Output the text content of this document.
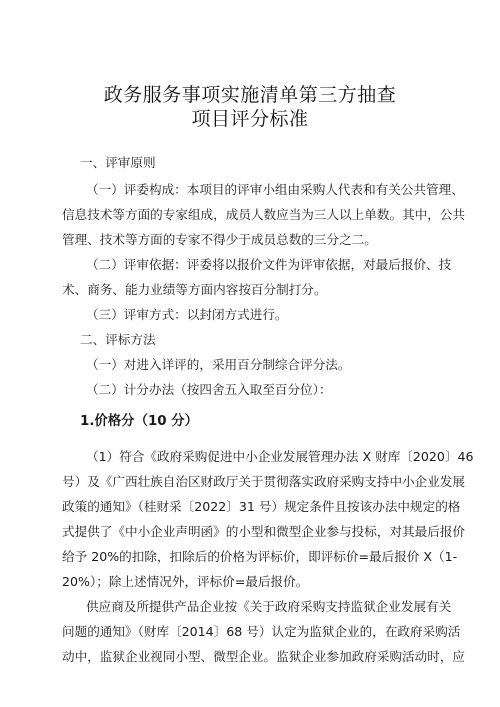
政务服务事项实施清单第三方抽查
项目评分标准
一、评审原则
（一）评委构成：本项目的评审小组由采购人代表和有关公共管理、
信息技术等方面的专家组成，成员人数应当为三人以上单数。其中，公共
管理、技术等方面的专家不得少于成员总数的三分之二。
（二）评审依据：评委将以报价文件为评审依据，对最后报价、技
术、商务、能力业绩等方面内容按百分制打分。
（三）评审方式：以封闭方式进行。
二、评标方法
（一）对进入详评的，采用百分制综合评分法。
（二）计分办法（按四舍五入取至百分位）：
1.价格分（10 分）
（1）符合《政府采购促进中小企业发展管理办法 X 财库〔2020〕46
号）及《广西壮族自治区财政厅关于贯彻落实政府采购支持中小企业发展
政策的通知》（桂财采〔2022〕31 号）规定条件且按该办法中规定的格
式提供了《中小企业声明函》的小型和微型企业参与投标，对其最后报价
给予 20%的扣除，扣除后的价格为评标价，即评标价=最后报价 X（1-
20%）；除上述情况外，评标价=最后报价。
供应商及所提供产品企业按《关于政府采购支持监狱企业发展有关
问题的通知》（财库〔2014〕68 号）认定为监狱企业的，在政府采购活
动中，监狱企业视同小型、微型企业。监狱企业参加政府采购活动时，应
